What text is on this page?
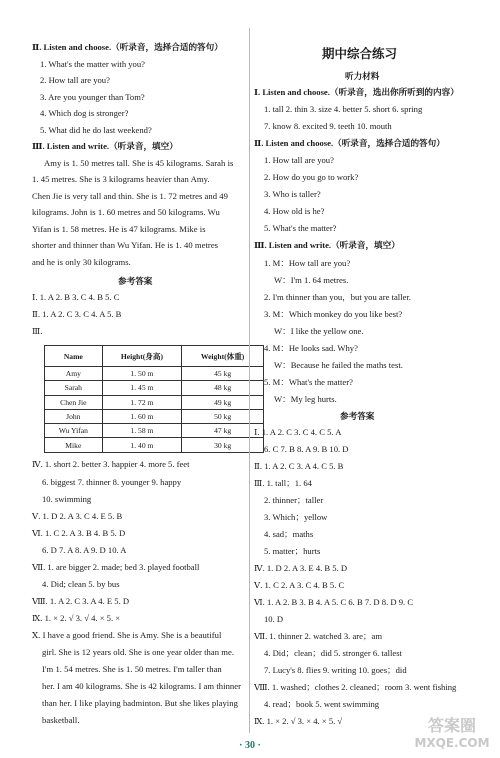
Ⅱ. Listen and choose.（听录音，选择合适的答句）
1. What's the matter with you?
2. How tall are you?
3. Are you younger than Tom?
4. Which dog is stronger?
5. What did he do last weekend?
Ⅲ. Listen and write.（听录音，填空）
Amy is 1. 50 metres tall. She is 45 kilograms. Sarah is
1. 45 metres. She is 3 kilograms heavier than Amy.
Chen Jie is very tall and thin. She is 1. 72 metres and 49
kilograms. John is 1. 60 metres and 50 kilograms. Wu
Yifan is 1. 58 metres. He is 47 kilograms. Mike is
shorter and thinner than Wu Yifan. He is 1. 40 metres
and he is only 30 kilograms.
参考答案
Ⅰ. 1. A 2. B 3. C 4. B 5. C
Ⅱ. 1. A 2. C 3. C 4. A 5. B
Ⅲ.
Name	Height(身高)	Weight(体重)
Amy	1. 50 m	45 kg
Sarah	1. 45 m	48 kg
Chen Jie	1. 72 m	49 kg
John	1. 60 m	50 kg
Wu Yifan	1. 58 m	47 kg
Mike	1. 40 m	30 kg
Ⅳ. 1. short 2. better 3. happier 4. more 5. feet
6. biggest 7. thinner 8. younger 9. happy
10. swimming
Ⅴ. 1. D 2. A 3. C 4. E 5. B
Ⅵ. 1. C 2. A 3. B 4. B 5. D
6. D 7. A 8. A 9. D 10. A
Ⅶ. 1. are bigger 2. made; bed 3. played football
4. Did; clean 5. by bus
Ⅷ. 1. A 2. C 3. A 4. E 5. D
Ⅸ. 1. × 2. √ 3. √ 4. × 5. ×
Ⅹ. I have a good friend. She is Amy. She is a beautiful
girl. She is 12 years old. She is one year older than me.
I'm 1. 54 metres. She is 1. 50 metres. I'm taller than
her. I am 40 kilograms. She is 42 kilograms. I am thinner
than her. I like playing badminton. But she likes playing
basketball.
期中综合练习
听力材料
Ⅰ. Listen and choose.（听录音，选出你所听到的内容）
1. tall 2. thin 3. size 4. better 5. short 6. spring
7. know 8. excited 9. teeth 10. mouth
Ⅱ. Listen and choose.（听录音，选择合适的答句）
1. How tall are you?
2. How do you go to work?
3. Who is taller?
4. How old is he?
5. What's the matter?
Ⅲ. Listen and write.（听录音，填空）
1. M：How tall are you?
W：I'm 1. 64 metres.
2. I'm thinner than you，but you are taller.
3. M：Which monkey do you like best?
W：I like the yellow one.
4. M：He looks sad. Why?
W：Because he failed the maths test.
5. M：What's the matter?
W：My leg hurts.
参考答案
Ⅰ. 1. A 2. C 3. C 4. C 5. A
6. C 7. B 8. A 9. B 10. D
Ⅱ. 1. A 2. C 3. A 4. C 5. B
Ⅲ. 1. tall；1. 64
2. thinner；taller
3. Which；yellow
4. sad；maths
5. matter；hurts
Ⅳ. 1. D 2. A 3. E 4. B 5. D
Ⅴ. 1. C 2. A 3. C 4. B 5. C
Ⅵ. 1. A 2. B 3. B 4. A 5. C 6. B 7. D 8. D 9. C
10. D
Ⅶ. 1. thinner 2. watched 3. are；am
4. Did；clean；did 5. stronger 6. tallest
7. Lucy's 8. flies 9. writing 10. goes；did
Ⅷ. 1. washed；clothes 2. cleaned；room 3. went fishing
4. read；book 5. went swimming
Ⅸ. 1. × 2. √ 3. × 4. × 5. √
· 30 ·
答案圈
MXQE.COM
